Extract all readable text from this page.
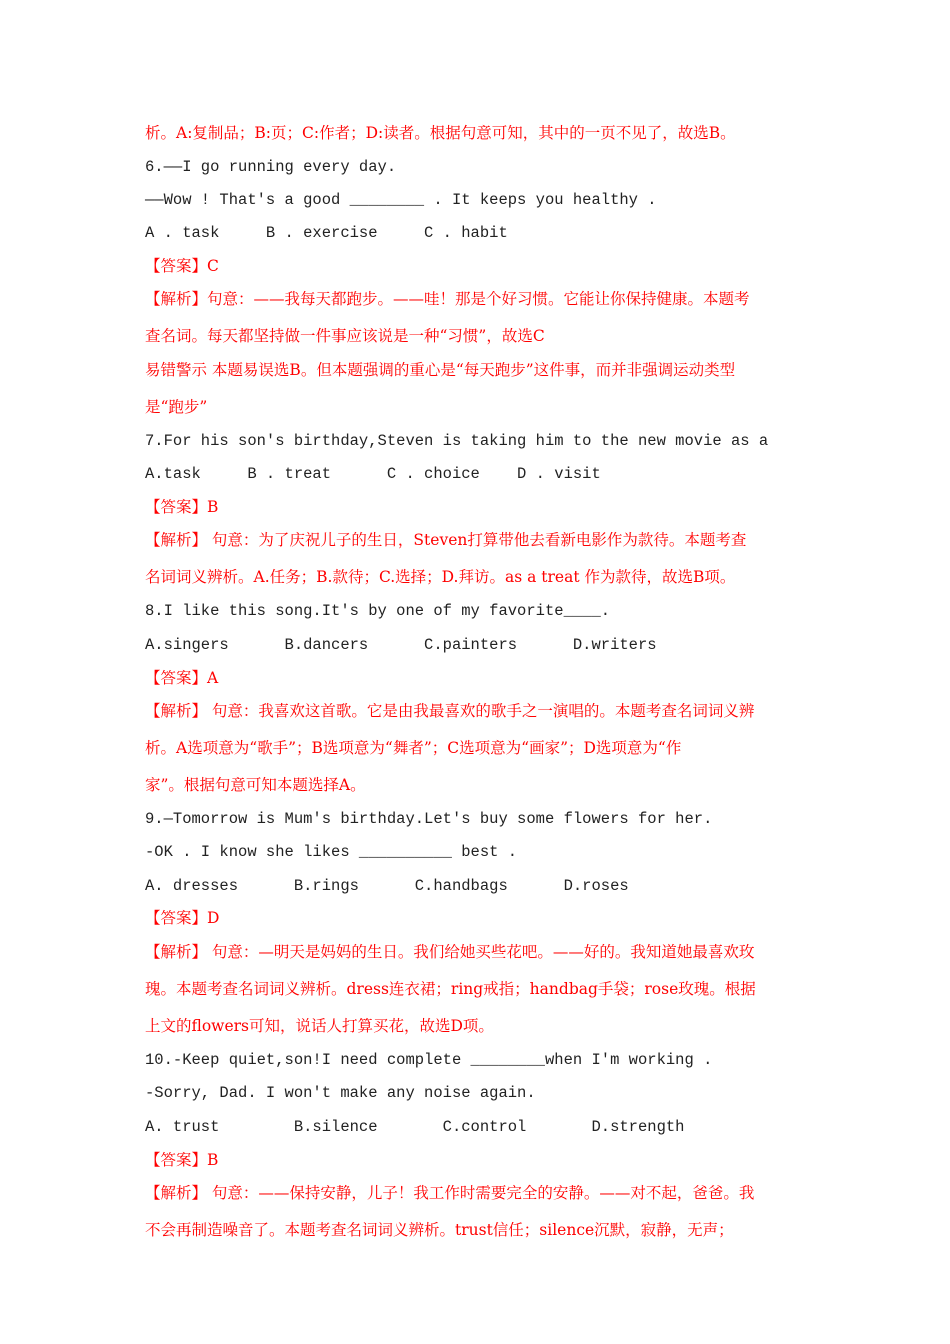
析。A:复制品；B:页；C:作者；D:读者。根据句意可知，其中的一页不见了，故选B。
6.——I go running every day.
——Wow ! That's a good ________ . It keeps you healthy .
A . task     B . exercise     C . habit
【答案】C
【解析】句意：——我每天都跑步。——哇！那是个好习惯。它能让你保持健康。本题考
查名词。每天都坚持做一件事应该说是一种“习惯”，故选C
易错警示 本题易误选B。但本题强调的重心是“每天跑步”这件事，而并非强调运动类型
是“跑步”
7.For his son's birthday,Steven is taking him to the new movie as a
A.task     B . treat      C . choice    D . visit
【答案】B
【解析】 句意：为了庆祝儿子的生日，Steven打算带他去看新电影作为款待。本题考查
名词词义辨析。A.任务；B.款待；C.选择；D.拜访。as a treat 作为款待，故选B项。
8.I like this song.It's by one of my favorite____.
A.singers      B.dancers      C.painters      D.writers
【答案】A
【解析】 句意：我喜欢这首歌。它是由我最喜欢的歌手之一演唱的。本题考查名词词义辨
析。A选项意为“歌手”；B选项意为“舞者”；C选项意为“画家”；D选项意为“作
家”。根据句意可知本题选择A。
9.—Tomorrow is Mum's birthday.Let's buy some flowers for her.
-OK . I know she likes __________ best .
A. dresses      B.rings      C.handbags      D.roses
【答案】D
【解析】 句意：—明天是妈妈的生日。我们给她买些花吧。——好的。我知道她最喜欢玫
瑰。本题考查名词词义辨析。dress连衣裙；ring戒指；handbag手袋；rose玫瑰。根据
上文的flowers可知，说话人打算买花，故选D项。
10.-Keep quiet,son!I need complete ________when I'm working .
-Sorry, Dad. I won't make any noise again.
A. trust        B.silence       C.control       D.strength
【答案】B
【解析】 句意：——保持安静，儿子！我工作时需要完全的安静。——对不起，爸爸。我
不会再制造噪音了。本题考查名词词义辨析。trust信任；silence沉默，寂静，无声；
